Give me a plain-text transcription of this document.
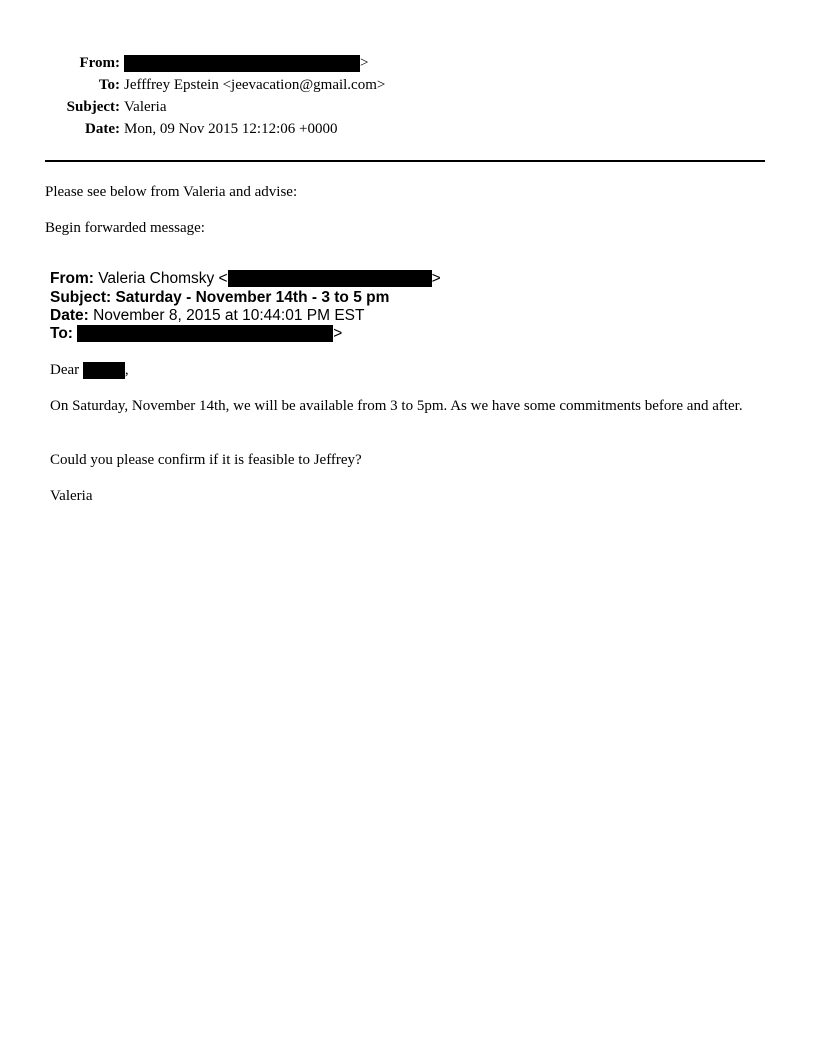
From:	>
To: Jefffrey Epstein <jeevacation@gmail.com>
Subject: Valeria
Date: Mon, 09 Nov 2015 12:12:06 +0000
Please see below from Valeria and advise:
Begin forwarded message:
From: Valeria Chomsky <	>
Subject: Saturday - November 14th - 3 to 5 pm
Date: November 8, 2015 at 10:44:01 PM EST
To:	>
Dear	,
On Saturday, November 14th, we will be available from 3 to 5pm. As we have some commitments before and after.
Could you please confirm if it is feasible to Jeffrey?
Valeria
